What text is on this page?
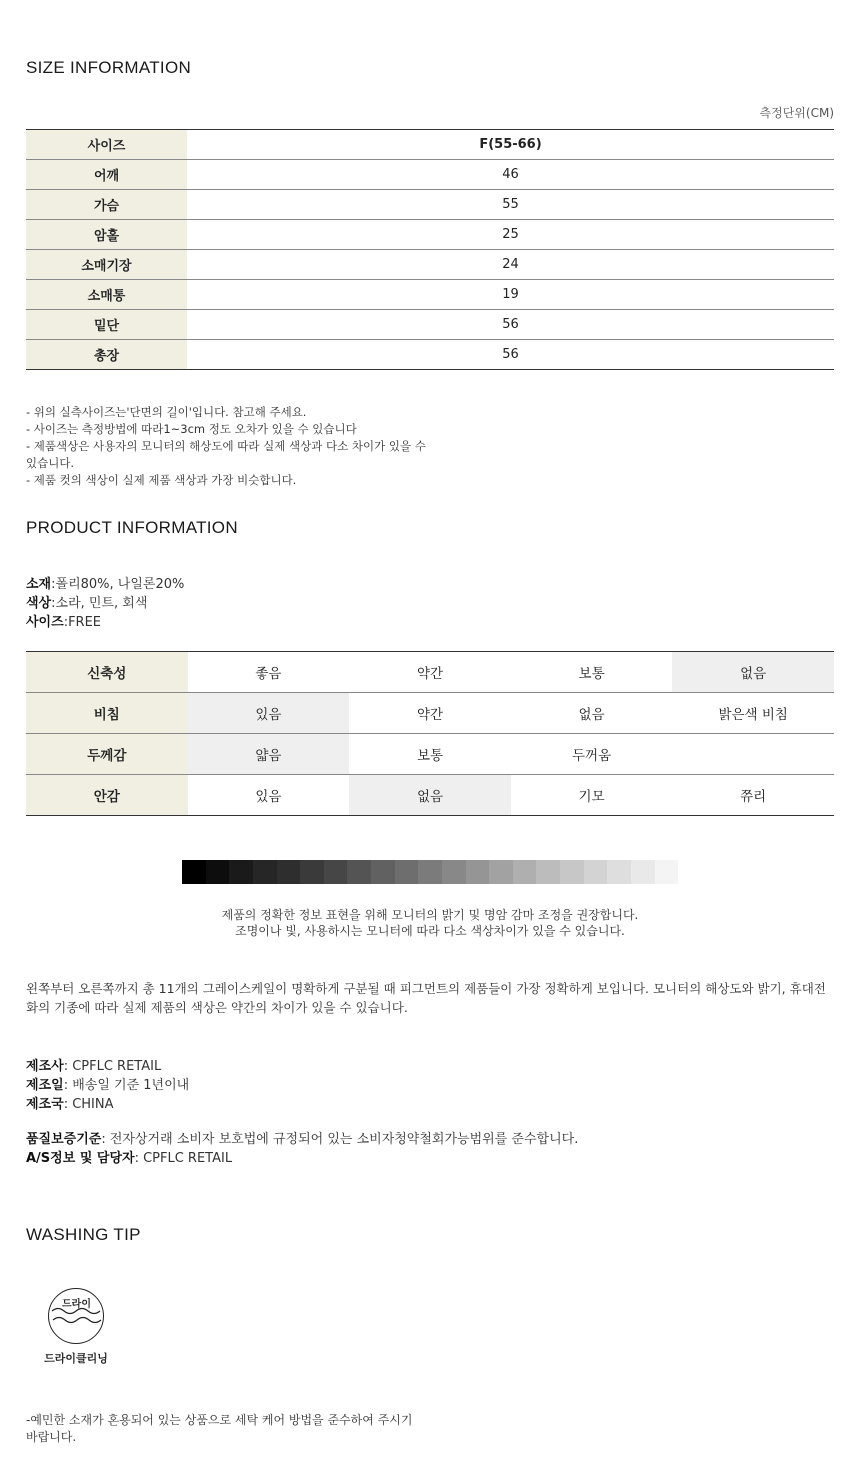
SIZE INFORMATION
측정단위(CM)
사이즈	F(55-66)
어깨	46
가슴	55
암홀	25
소매기장	24
소매통	19
밑단	56
총장	56
- 위의 실측사이즈는'단면의 길이'입니다. 참고해 주세요.
- 사이즈는 측정방법에 따라1~3cm 정도 오차가 있을 수 있습니다
- 제품색상은 사용자의 모니터의 해상도에 따라 실제 색상과 다소 차이가 있을 수
있습니다.
- 제품 컷의 색상이 실제 제품 색상과 가장 비슷합니다.
PRODUCT INFORMATION
소재:폴리80%, 나일론20%
색상:소라, 민트, 회색
사이즈:FREE
신축성	좋음	약간	보통	없음
비침	있음	약간	없음	밝은색 비침
두께감	얇음	보통	두꺼움	
안감	있음	없음	기모	쮸리
제품의 정확한 정보 표현을 위해 모니터의 밝기 및 명암 감마 조정을 권장합니다.
조명이나 빛, 사용하시는 모니터에 따라 다소 색상차이가 있을 수 있습니다.
왼쪽부터 오른쪽까지 총 11개의 그레이스케일이 명확하게 구분될 때 피그먼트의 제품들이 가장 정확하게 보입니다. 모니터의 해상도와 밝기, 휴대전화의 기종에 따라 실제 제품의 색상은 약간의 차이가 있을 수 있습니다.
제조사: CPFLC RETAIL
제조일: 배송일 기준 1년이내
제조국: CHINA
품질보증기준: 전자상거래 소비자 보호법에 규정되어 있는 소비자청약철회가능범위를 준수합니다.
A/S정보 및 담당자: CPFLC RETAIL
WASHING TIP
드라이
드라이클리닝
-예민한 소재가 혼용되어 있는 상품으로 세탁 케어 방법을 준수하여 주시기
바랍니다.
